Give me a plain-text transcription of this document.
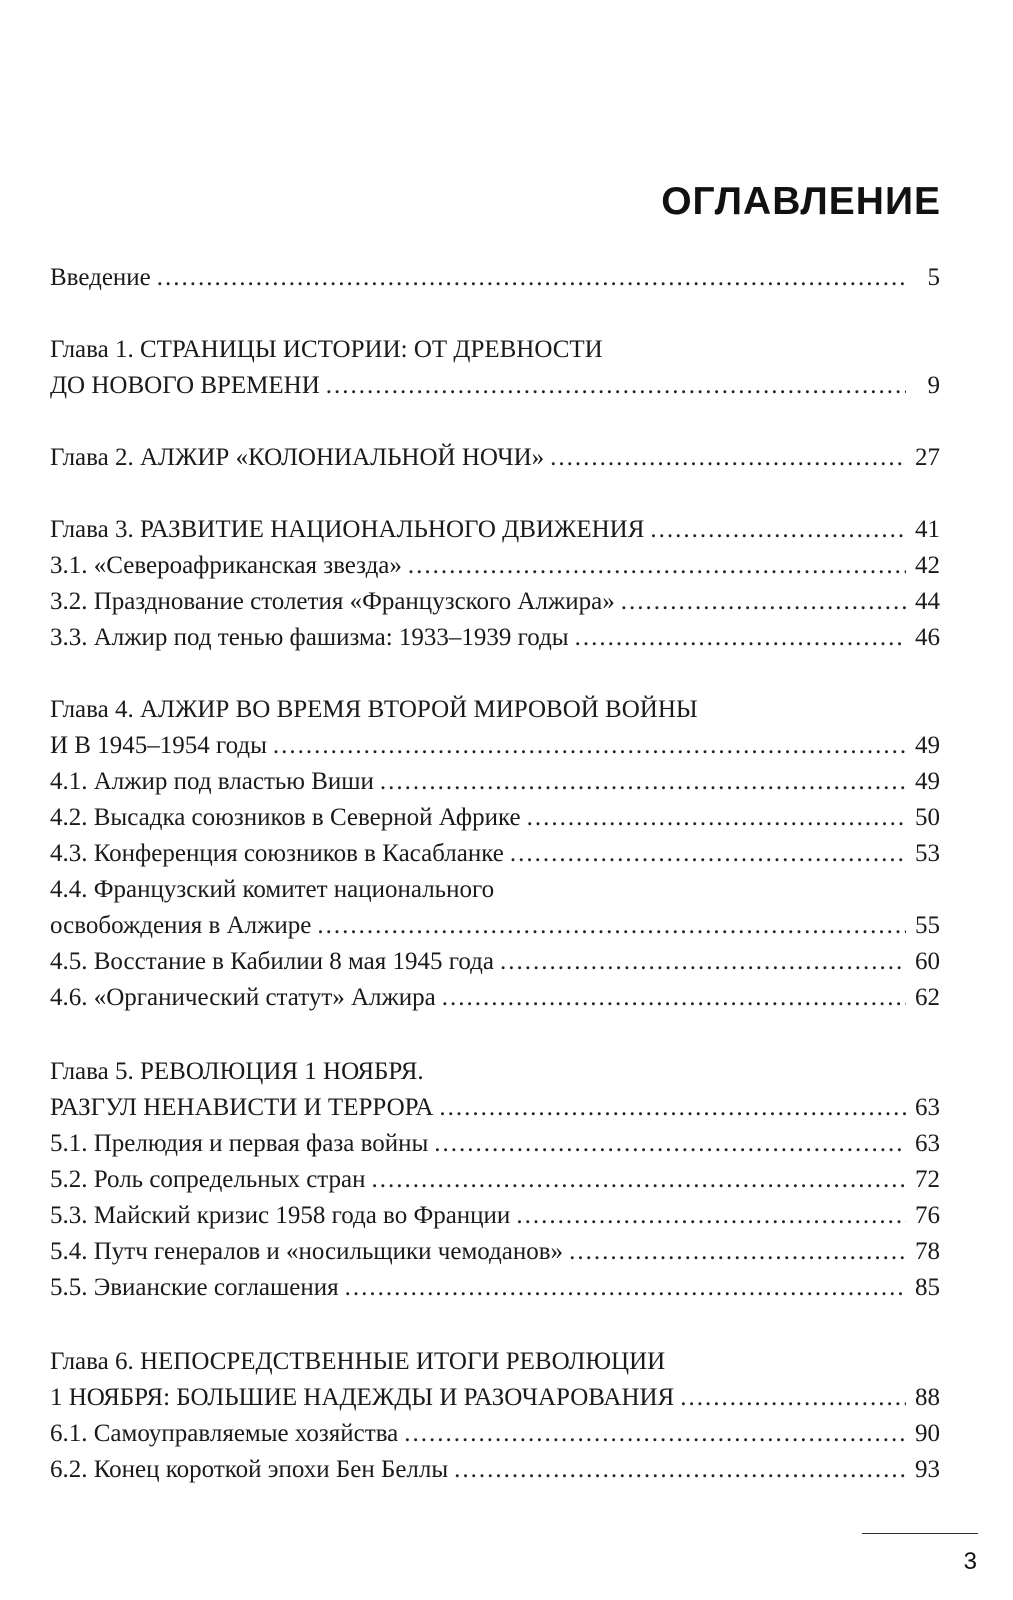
ОГЛАВЛЕНИЕ
Введение .....	5
Глава 1. СТРАНИЦЫ ИСТОРИИ: ОТ ДРЕВНОСТИ
ДО НОВОГО ВРЕМЕНИ .....	9
Глава 2. АЛЖИР «КОЛОНИАЛЬНОЙ НОЧИ» .....	27
Глава 3. РАЗВИТИЕ НАЦИОНАЛЬНОГО ДВИЖЕНИЯ .....	41
3.1. «Североафриканская звезда» .....	42
3.2. Празднование столетия «Французского Алжира» .....	44
3.3. Алжир под тенью фашизма: 1933–1939 годы .....	46
Глава 4. АЛЖИР ВО ВРЕМЯ ВТОРОЙ МИРОВОЙ ВОЙНЫ
И В 1945–1954 годы .....	49
4.1. Алжир под властью Виши .....	49
4.2. Высадка союзников в Северной Африке .....	50
4.3. Конференция союзников в Касабланке .....	53
4.4. Французский комитет национального
освобождения в Алжире .....	55
4.5. Восстание в Кабилии 8 мая 1945 года .....	60
4.6. «Органический статут» Алжира .....	62
Глава 5. РЕВОЛЮЦИЯ 1 НОЯБРЯ.
РАЗГУЛ НЕНАВИСТИ И ТЕРРОРА .....	63
5.1. Прелюдия и первая фаза войны .....	63
5.2. Роль сопредельных стран .....	72
5.3. Майский кризис 1958 года во Франции .....	76
5.4. Путч генералов и «носильщики чемоданов» .....	78
5.5. Эвианские соглашения .....	85
Глава 6. НЕПОСРЕДСТВЕННЫЕ ИТОГИ РЕВОЛЮЦИИ
1 НОЯБРЯ: БОЛЬШИЕ НАДЕЖДЫ И РАЗОЧАРОВАНИЯ .....	88
6.1. Самоуправляемые хозяйства .....	90
6.2. Конец короткой эпохи Бен Беллы .....	93
3
